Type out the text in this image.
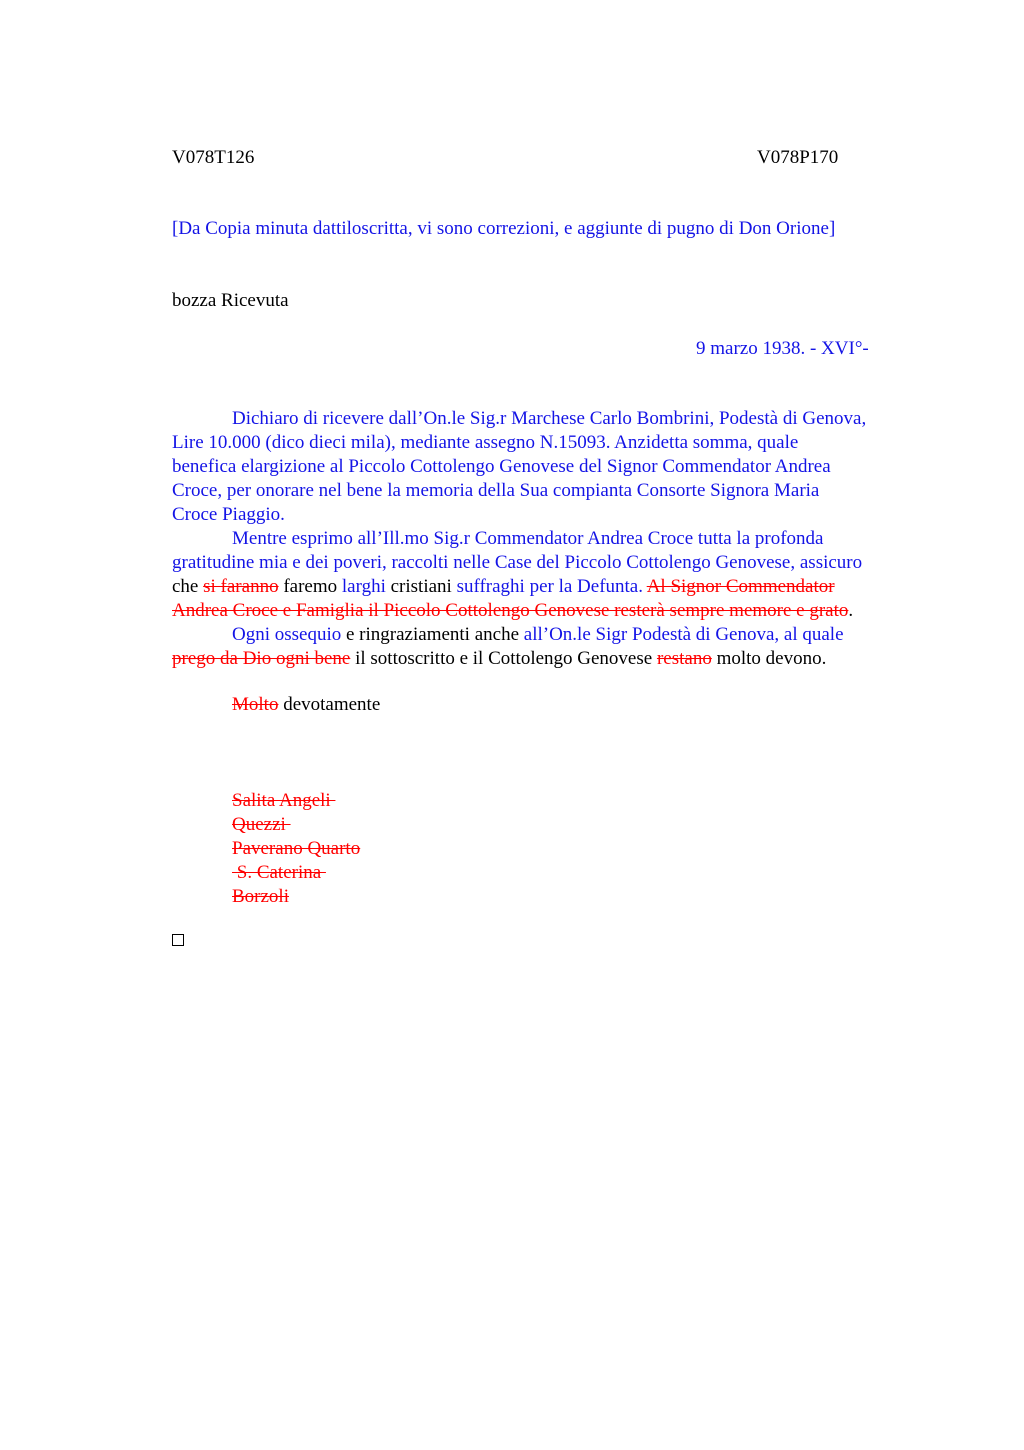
V078T126	V078P170
[Da Copia minuta dattiloscritta, vi sono correzioni, e aggiunte di pugno di Don Orione]
bozza Ricevuta
9 marzo 1938. - XVI°-
Dichiaro di ricevere dall’On.le Sig.r Marchese Carlo Bombrini, Podestà di Genova,
Lire 10.000 (dico dieci mila), mediante assegno N.15093. Anzidetta somma, quale
benefica elargizione al Piccolo Cottolengo Genovese del Signor Commendator Andrea
Croce, per onorare nel bene la memoria della Sua compianta Consorte Signora Maria
Croce Piaggio.
Mentre esprimo all’Ill.mo Sig.r Commendator Andrea Croce tutta la profonda
gratitudine mia e dei poveri, raccolti nelle Case del Piccolo Cottolengo Genovese, assicuro
che si faranno faremo larghi cristiani suffraghi per la Defunta. Al Signor Commendator
Andrea Croce e Famiglia il Piccolo Cottolengo Genovese resterà sempre memore e grato.
Ogni ossequio e ringraziamenti anche all’On.le Sigr Podestà di Genova, al quale
prego da Dio ogni bene il sottoscritto e il Cottolengo Genovese restano molto devono.
Molto devotamente
Salita Angeli
Quezzi
Paverano Quarto
S. Caterina
Borzoli
